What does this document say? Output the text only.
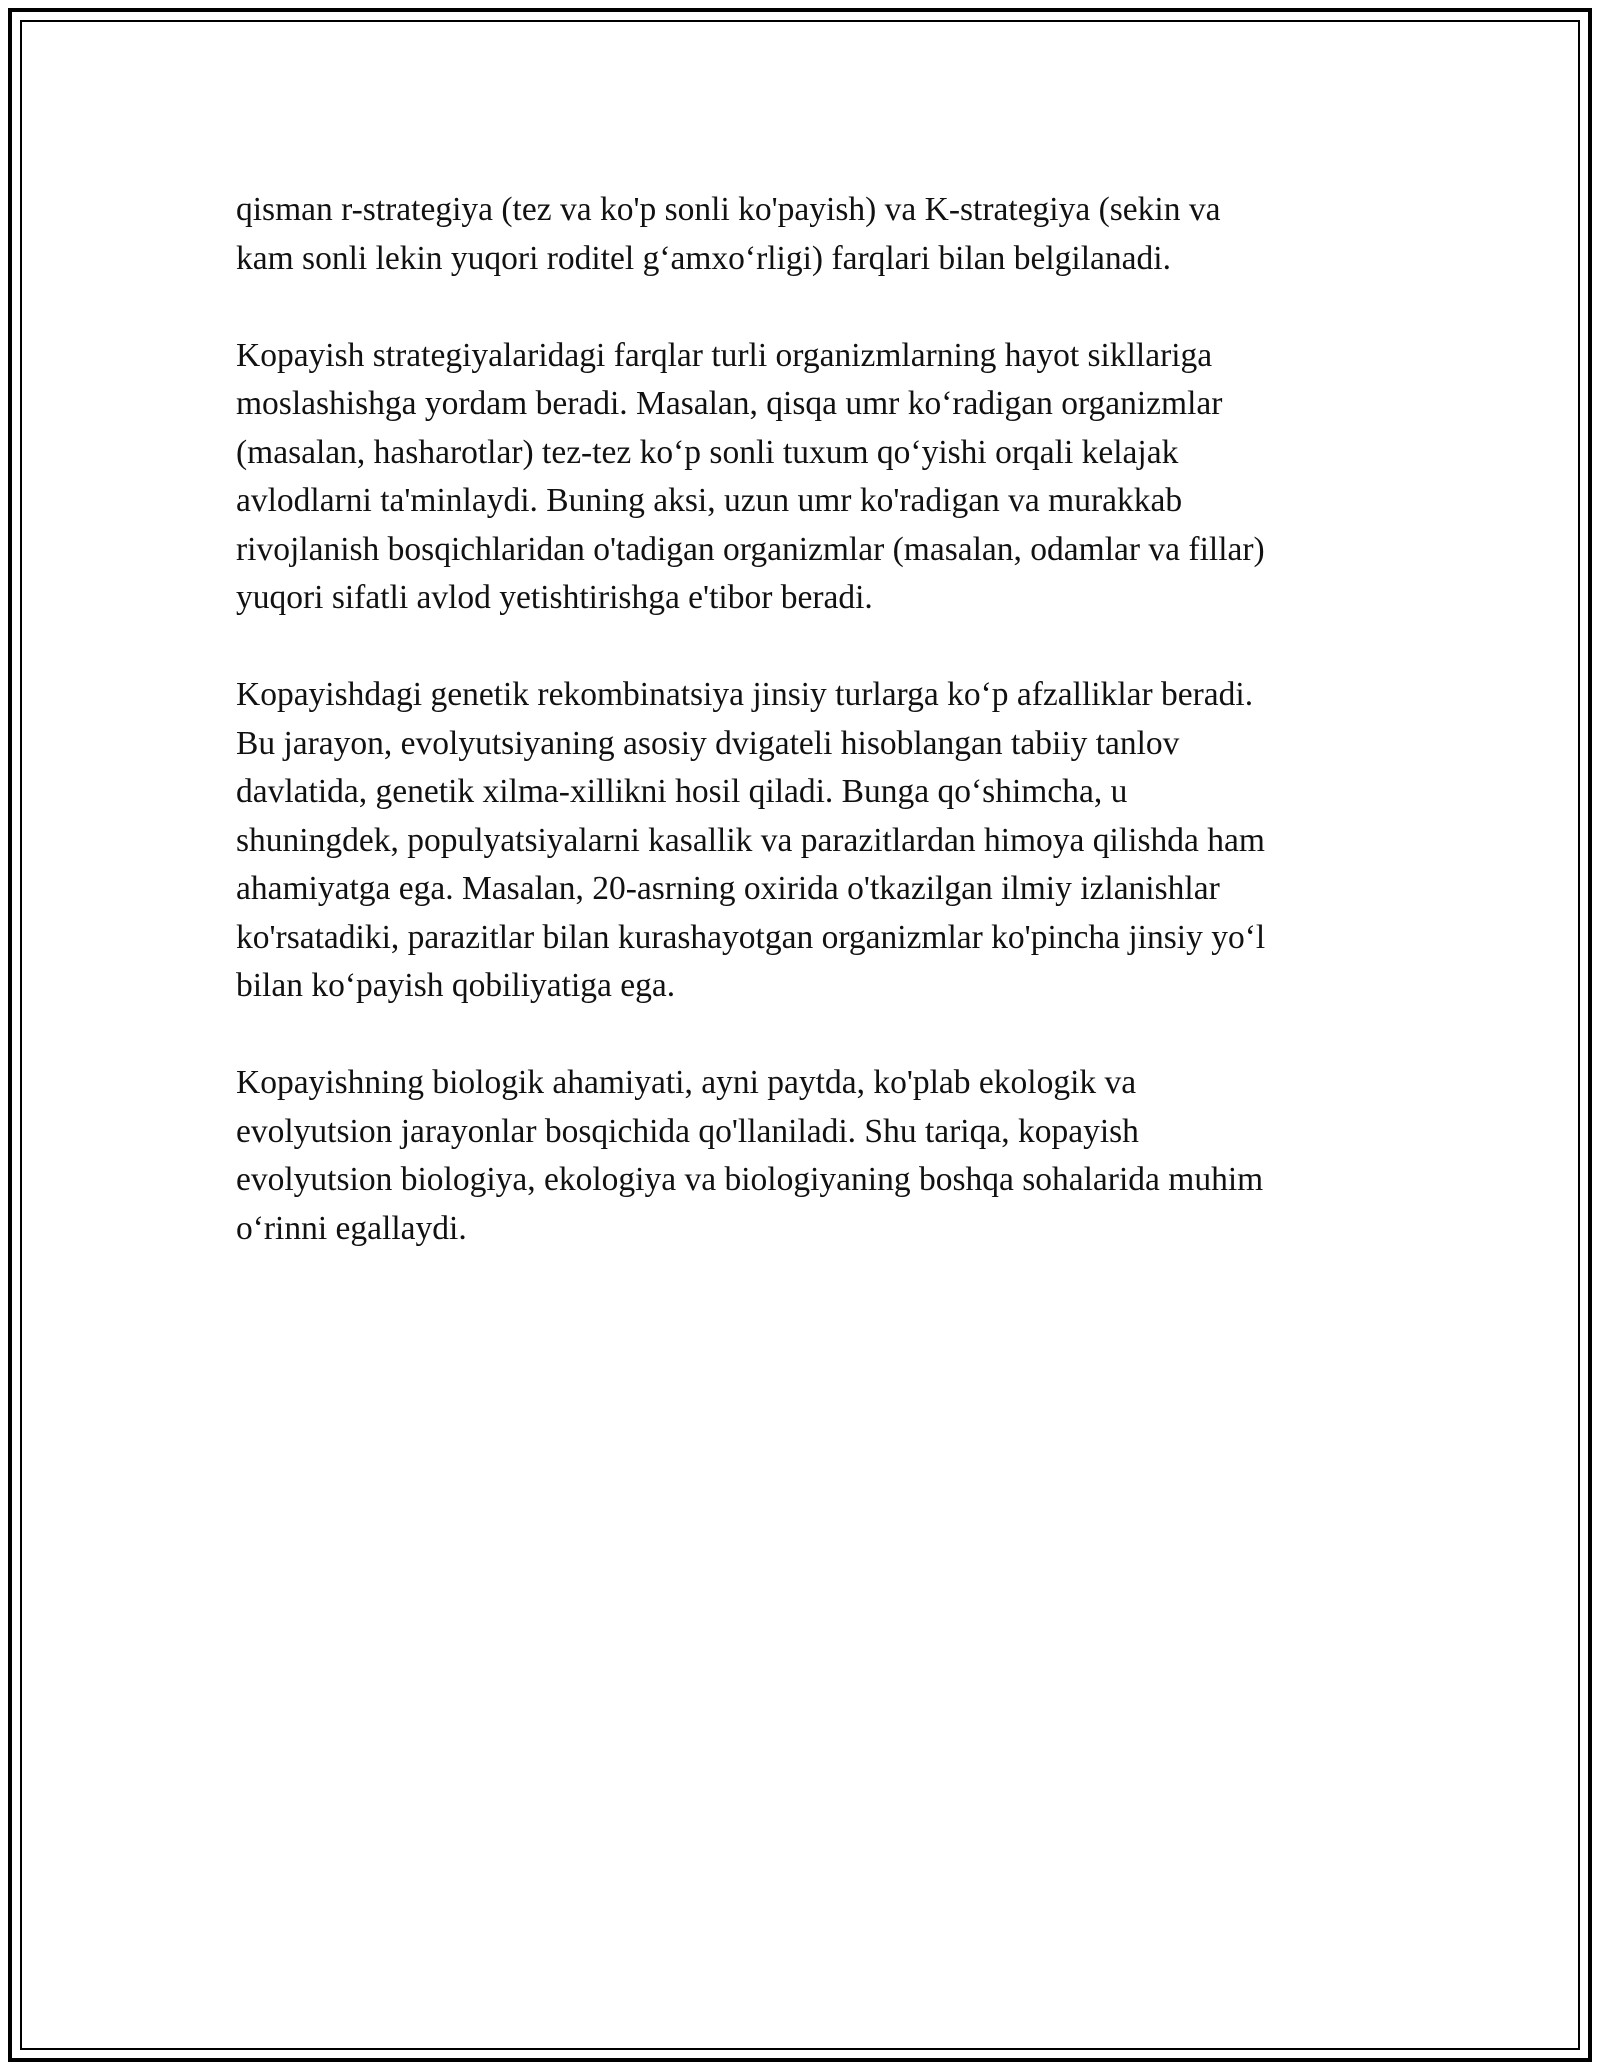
qisman r-strategiya (tez va ko'p sonli ko'payish) va K-strategiya (sekin va
kam sonli lekin yuqori roditel g‘amxo‘rligi) farqlari bilan belgilanadi.

Kopayish strategiyalaridagi farqlar turli organizmlarning hayot sikllariga
moslashishga yordam beradi. Masalan, qisqa umr ko‘radigan organizmlar
(masalan, hasharotlar) tez-tez ko‘p sonli tuxum qo‘yishi orqali kelajak
avlodlarni ta'minlaydi. Buning aksi, uzun umr ko'radigan va murakkab
rivojlanish bosqichlaridan o'tadigan organizmlar (masalan, odamlar va fillar)
yuqori sifatli avlod yetishtirishga e'tibor beradi.

Kopayishdagi genetik rekombinatsiya jinsiy turlarga ko‘p afzalliklar beradi.
Bu jarayon, evolyutsiyaning asosiy dvigateli hisoblangan tabiiy tanlov
davlatida, genetik xilma-xillikni hosil qiladi. Bunga qo‘shimcha, u
shuningdek, populyatsiyalarni kasallik va parazitlardan himoya qilishda ham
ahamiyatga ega. Masalan, 20-asrning oxirida o'tkazilgan ilmiy izlanishlar
ko'rsatadiki, parazitlar bilan kurashayotgan organizmlar ko'pincha jinsiy yo‘l
bilan ko‘payish qobiliyatiga ega.

Kopayishning biologik ahamiyati, ayni paytda, ko'plab ekologik va
evolyutsion jarayonlar bosqichida qo'llaniladi. Shu tariqa, kopayish
evolyutsion biologiya, ekologiya va biologiyaning boshqa sohalarida muhim
o‘rinni egallaydi.
